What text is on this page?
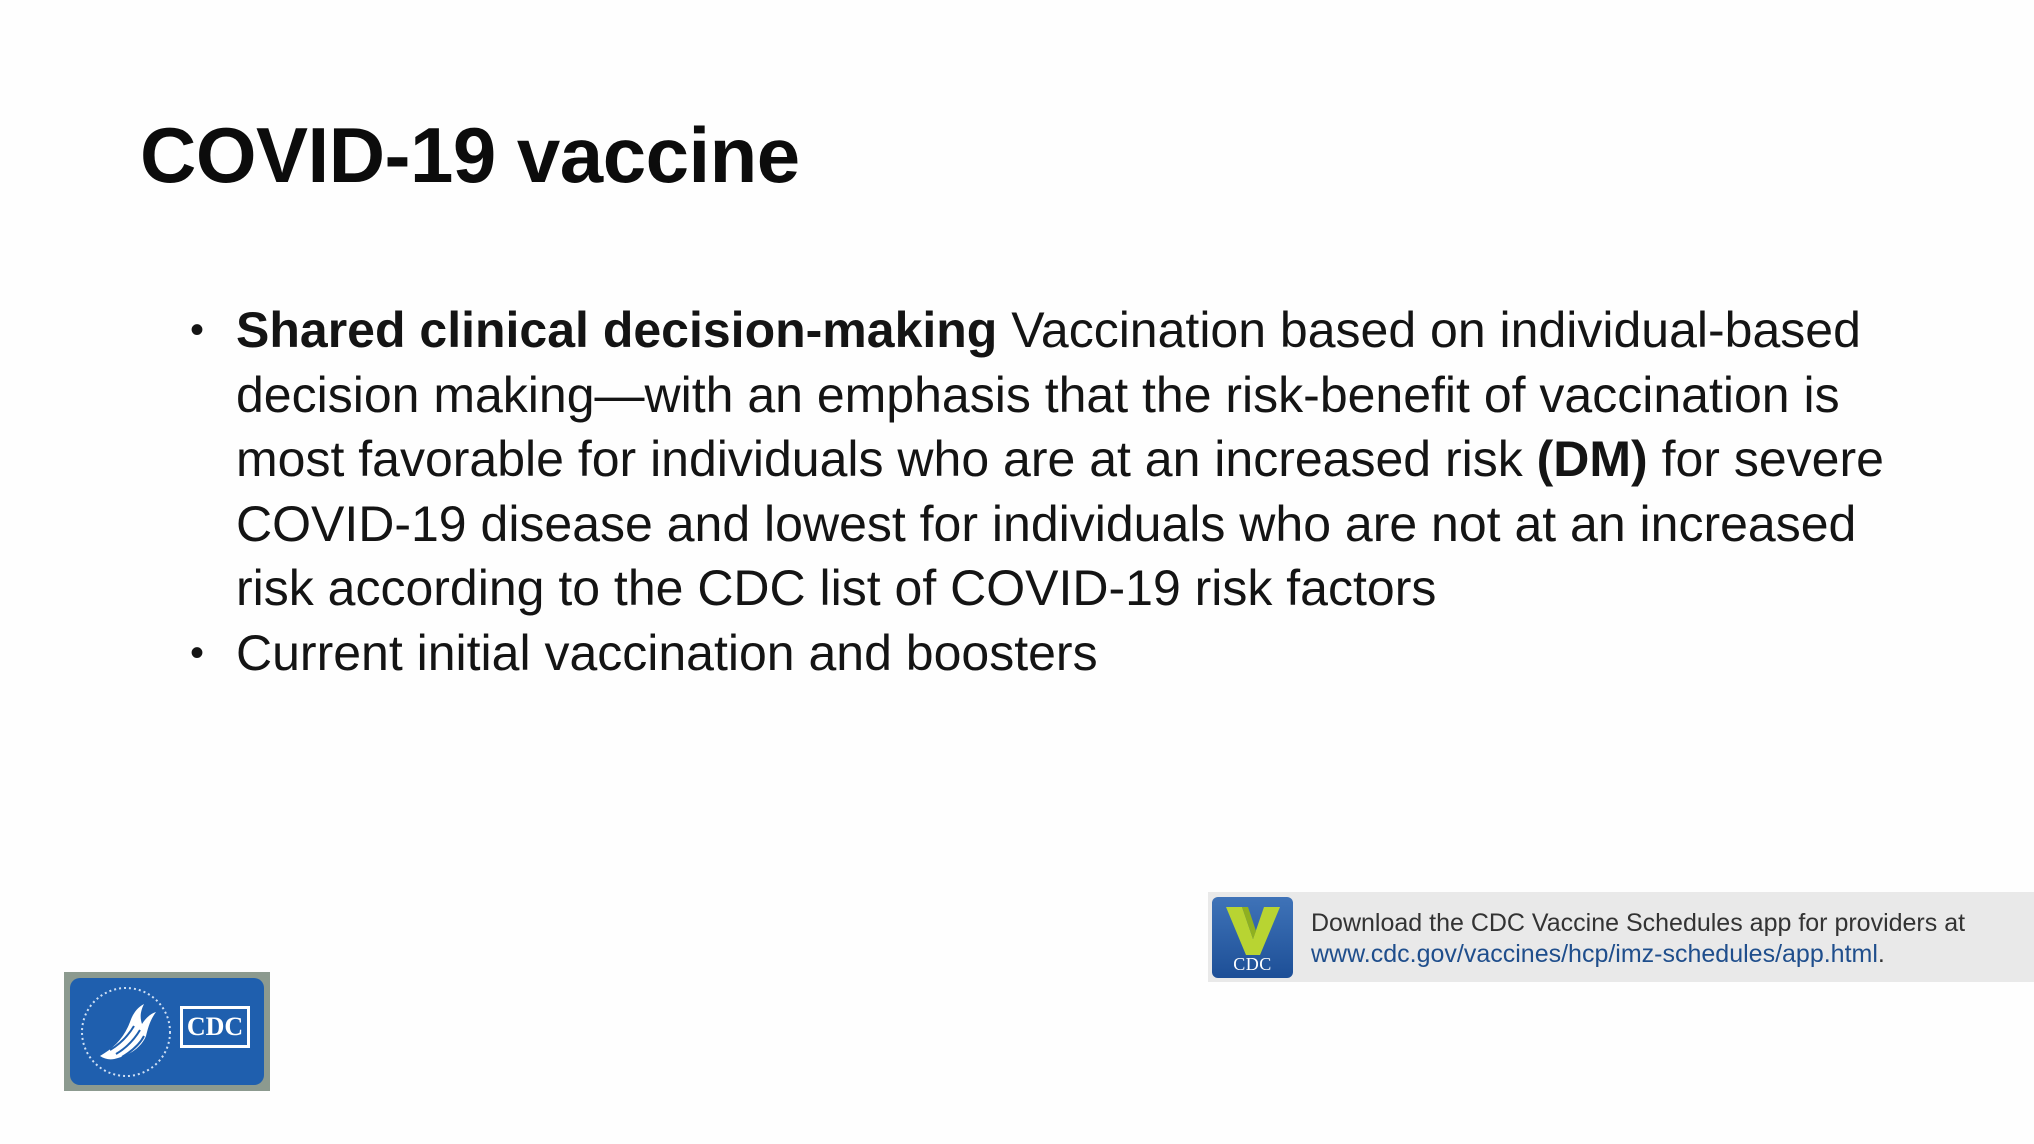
COVID-19 vaccine
• Shared clinical decision-making Vaccination based on individual-based decision making—with an emphasis that the risk-benefit of vaccination is most favorable for individuals who are at an increased risk (DM) for severe COVID-19 disease and lowest for individuals who are not at an increased risk according to the CDC list of COVID-19 risk factors
• Current initial vaccination and boosters
CDC
Download the CDC Vaccine Schedules app for providers at
www.cdc.gov/vaccines/hcp/imz-schedules/app.html.
CDC
